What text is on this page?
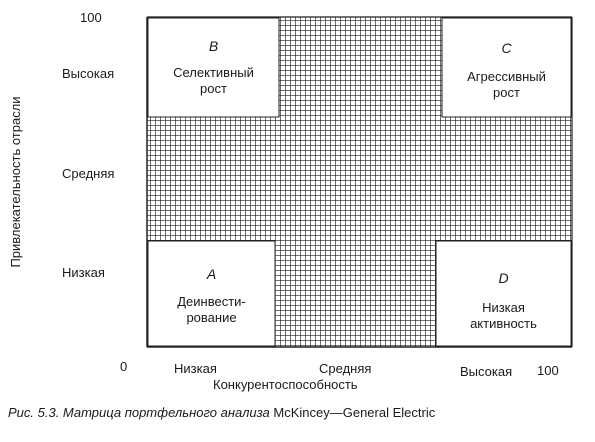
Привлекательность отрасли
100
Высокая
Средняя
Низкая
0	Низкая	Средняя	Высокая 100
Конкурентоспособность
B
Селективный
рост
C
Агрессивный
рост
A
Деинвести-
рование
D
Низкая
активность
Рис. 5.3. Матрица портфельного анализа McKincey—General Electric
